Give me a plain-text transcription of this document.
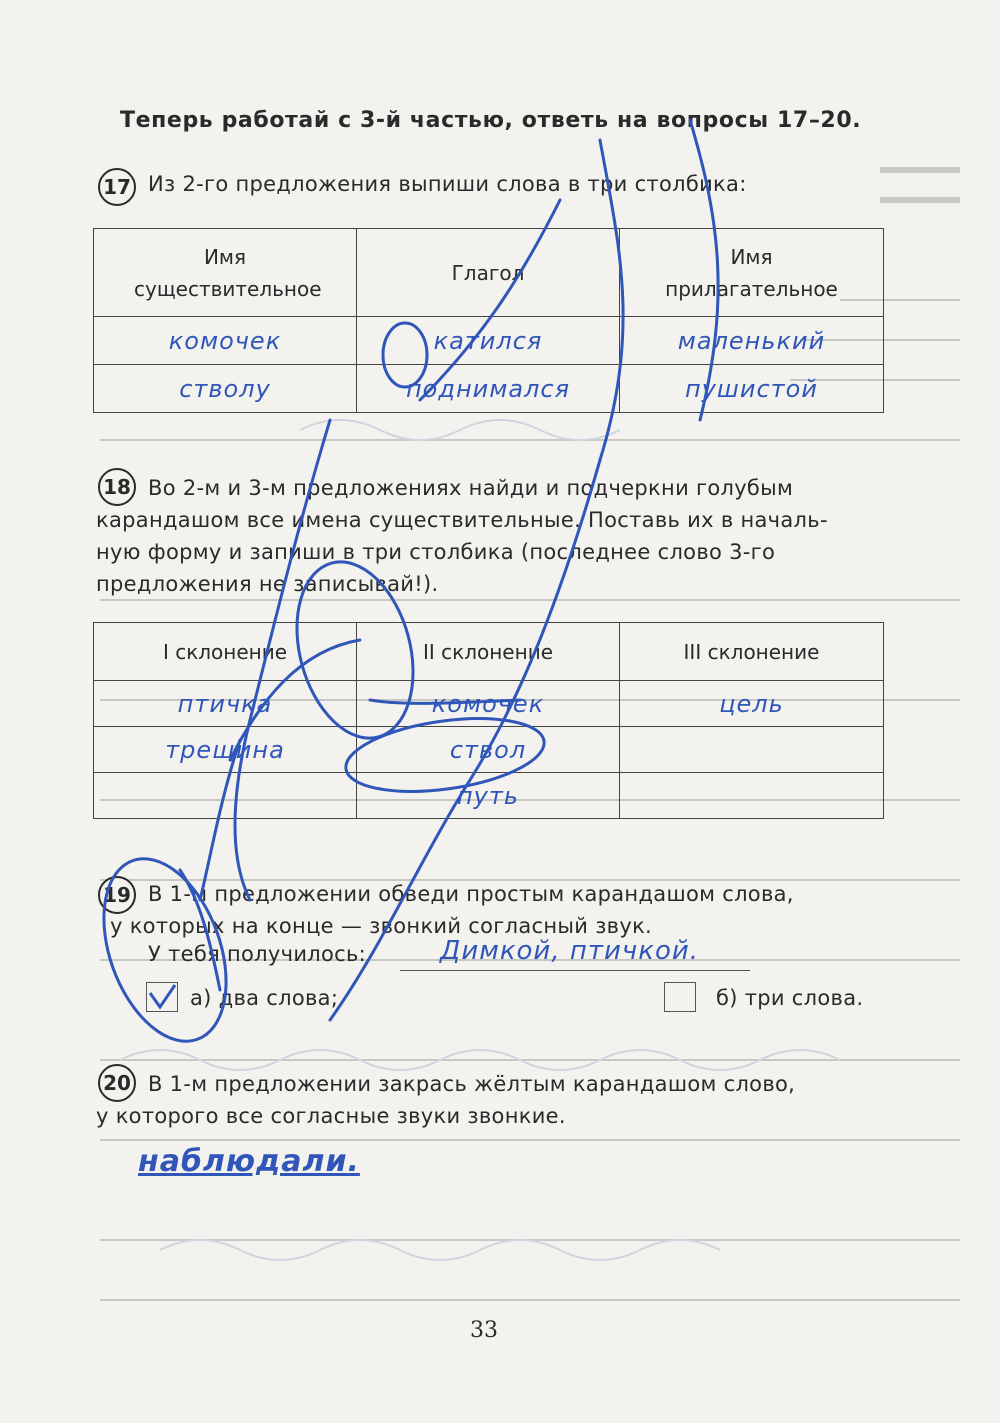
Теперь работай с 3-й частью, ответь на вопросы 17–20.
17 Из 2-го предложения выпиши слова в три столбика:
Имя существительное	Глагол	Имя прилагательное
комочек	катился	маленький
стволу	поднимался	пушистой
18 Во 2-м и 3-м предложениях найди и подчеркни голубым
карандашом все имена существительные. Поставь их в началь-
ную форму и запиши в три столбика (последнее слово 3-го
предложения не записывай!).
I склонение	II склонение	III склонение
птичка	комочек	цель
трещина	ствол	
	путь	
19 В 1-м предложении обведи простым карандашом слова,
у которых на конце — звонкий согласный звук.
У тебя получилось:	Димкой, птичкой.
а) два слова;	б) три слова.
20 В 1-м предложении закрась жёлтым карандашом слово,
у которого все согласные звуки звонкие.
наблюдали.
33
